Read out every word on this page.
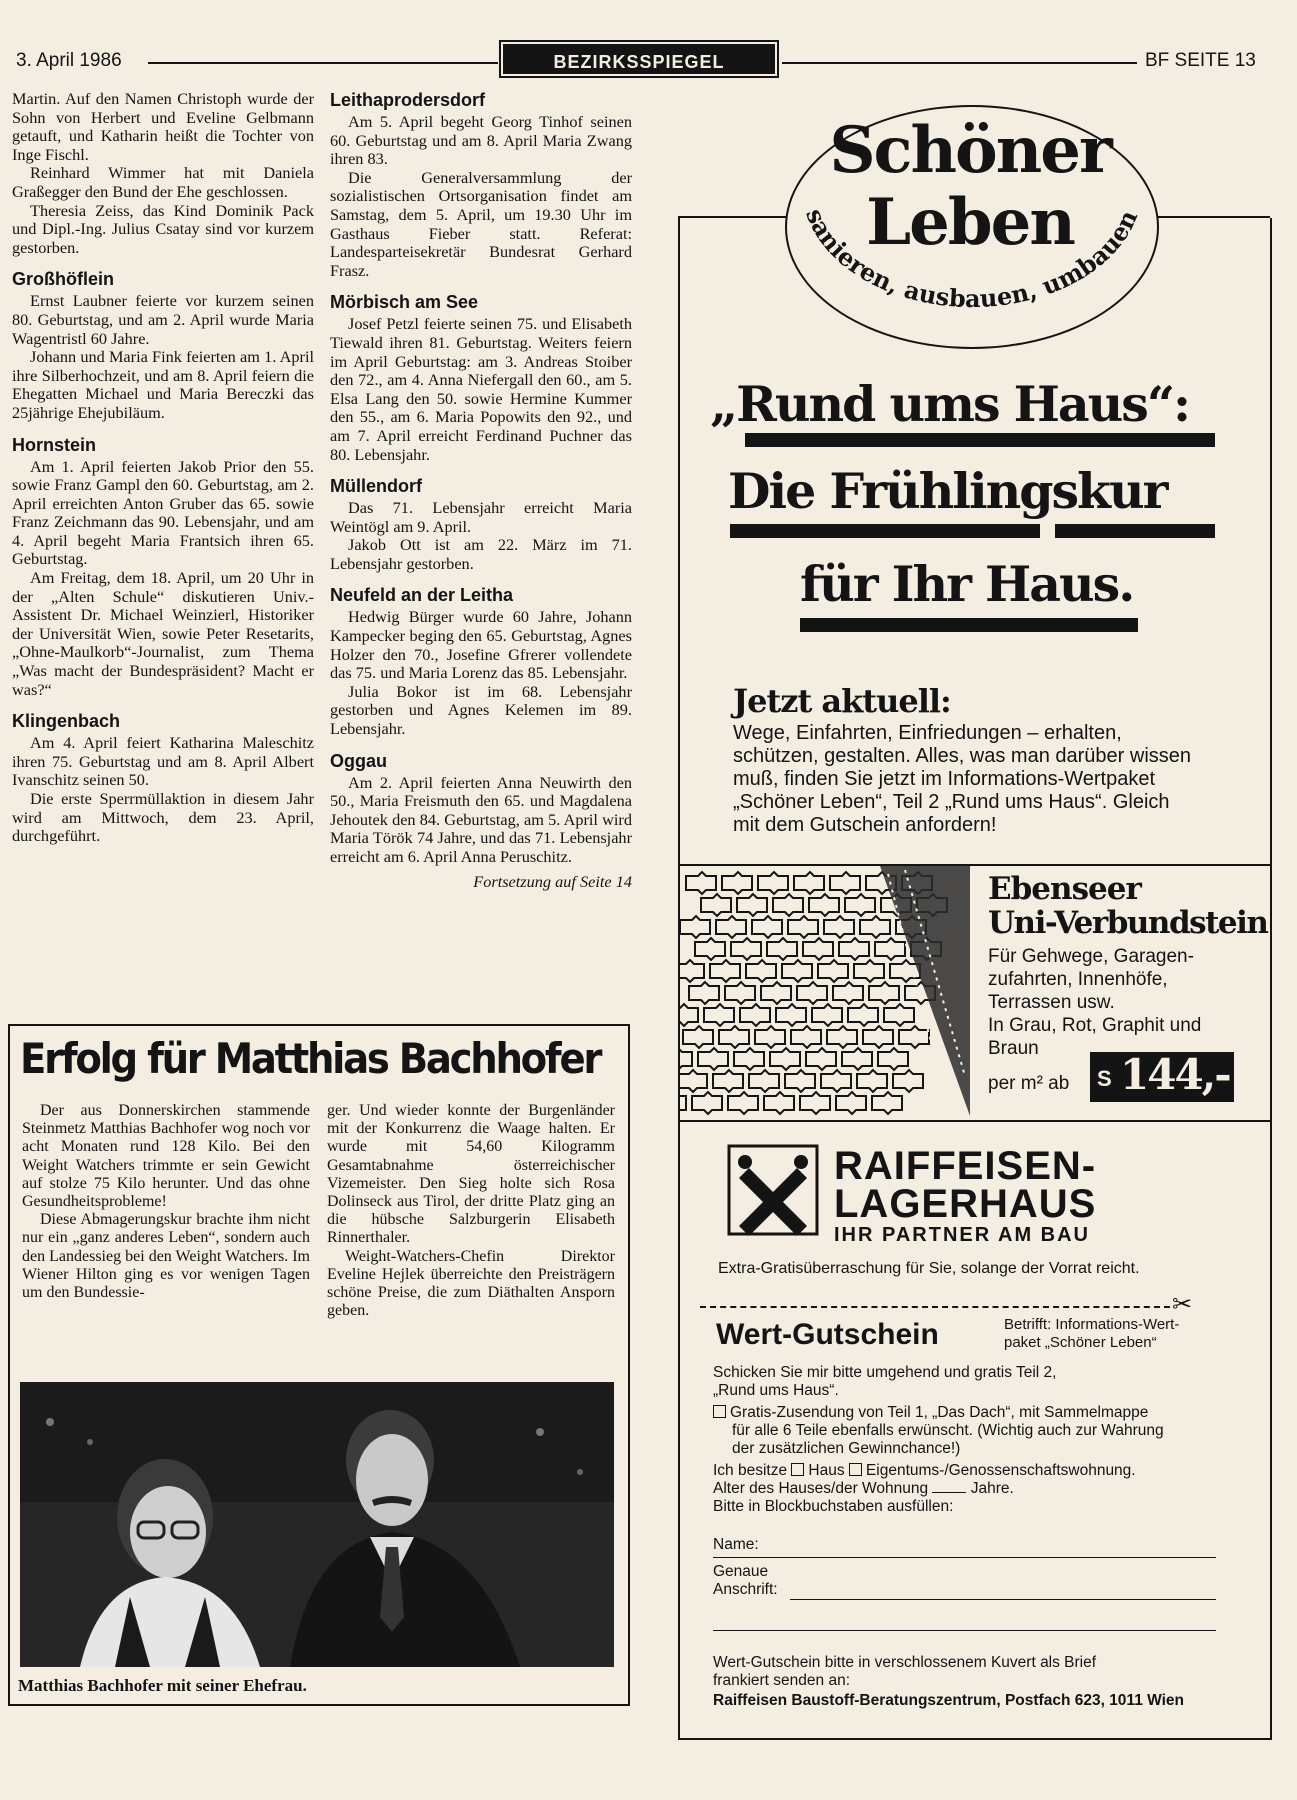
3. April 1986	BEZIRKSSPIEGEL	BF SEITE 13

Martin. Auf den Namen Christoph wurde der Sohn von Herbert und Eveline Gelbmann getauft, und Katharin heißt die Tochter von Inge Fischl.

Reinhard Wimmer hat mit Daniela Graßegger den Bund der Ehe geschlossen.

Theresia Zeiss, das Kind Dominik Pack und Dipl.-Ing. Julius Csatay sind vor kurzem gestorben.

Großhöflein

Ernst Laubner feierte vor kurzem seinen 80. Geburtstag, und am 2. April wurde Maria Wagentristl 60 Jahre.

Johann und Maria Fink feierten am 1. April ihre Silberhochzeit, und am 8. April feiern die Ehegatten Michael und Maria Bereczki das 25jährige Ehejubiläum.

Hornstein

Am 1. April feierten Jakob Prior den 55. sowie Franz Gampl den 60. Geburtstag, am 2. April erreichten Anton Gruber das 65. sowie Franz Zeichmann das 90. Lebensjahr, und am 4. April begeht Maria Frantsich ihren 65. Geburtstag.

Am Freitag, dem 18. April, um 20 Uhr in der „Alten Schule“ diskutieren Univ.-Assistent Dr. Michael Weinzierl, Historiker der Universität Wien, sowie Peter Resetarits, „Ohne-Maulkorb“-Journalist, zum Thema „Was macht der Bundespräsident? Macht er was?“

Klingenbach

Am 4. April feiert Katharina Maleschitz ihren 75. Geburtstag und am 8. April Albert Ivanschitz seinen 50.

Die erste Sperrmüllaktion in diesem Jahr wird am Mittwoch, dem 23. April, durchgeführt.

Leithaprodersdorf

Am 5. April begeht Georg Tinhof seinen 60. Geburtstag und am 8. April Maria Zwang ihren 83.

Die Generalversammlung der sozialistischen Ortsorganisation findet am Samstag, dem 5. April, um 19.30 Uhr im Gasthaus Fieber statt. Referat: Landesparteisekretär Bundesrat Gerhard Frasz.

Mörbisch am See

Josef Petzl feierte seinen 75. und Elisabeth Tiewald ihren 81. Geburtstag. Weiters feiern im April Geburtstag: am 3. Andreas Stoiber den 72., am 4. Anna Niefergall den 60., am 5. Elsa Lang den 50. sowie Hermine Kummer den 55., am 6. Maria Popowits den 92., und am 7. April erreicht Ferdinand Puchner das 80. Lebensjahr.

Müllendorf

Das 71. Lebensjahr erreicht Maria Weintögl am 9. April.

Jakob Ott ist am 22. März im 71. Lebensjahr gestorben.

Neufeld an der Leitha

Hedwig Bürger wurde 60 Jahre, Johann Kampecker beging den 65. Geburtstag, Agnes Holzer den 70., Josefine Gfrerer vollendete das 75. und Maria Lorenz das 85. Lebensjahr.

Julia Bokor ist im 68. Lebensjahr gestorben und Agnes Kelemen im 89. Lebensjahr.

Oggau

Am 2. April feierten Anna Neuwirth den 50., Maria Freismuth den 65. und Magdalena Jehoutek den 84. Geburtstag, am 5. April wird Maria Török 74 Jahre, und das 71. Lebensjahr erreicht am 6. April Anna Peruschitz.

Fortsetzung auf Seite 14
Erfolg für Matthias Bachhofer

Der aus Donnerskirchen stammende Steinmetz Matthias Bachhofer wog noch vor acht Monaten rund 128 Kilo. Bei den Weight Watchers trimmte er sein Gewicht auf stolze 75 Kilo herunter. Und das ohne Gesundheitsprobleme!

Diese Abmagerungskur brachte ihm nicht nur ein „ganz anderes Leben“, sondern auch den Landessieg bei den Weight Watchers. Im Wiener Hilton ging es vor wenigen Tagen um den Bundessie-

ger. Und wieder konnte der Burgenländer mit der Konkurrenz die Waage halten. Er wurde mit 54,60 Kilogramm Gesamtabnahme österreichischer Vizemeister. Den Sieg holte sich Rosa Dolinseck aus Tirol, der dritte Platz ging an die hübsche Salzburgerin Elisabeth Rinnerthaler.

Weight-Watchers-Chefin Direktor Eveline Hejlek überreichte den Preisträgern schöne Preise, die zum Diäthalten Ansporn geben.

Matthias Bachhofer mit seiner Ehefrau.
Schöner
Leben
sanieren, ausbauen, umbauen
„Rund ums Haus“:
Die Frühlingskur
für Ihr Haus.
Jetzt aktuell:
Wege, Einfahrten, Einfriedungen – erhalten, schützen, gestalten. Alles, was man darüber wissen muß, finden Sie jetzt im Informations-Wertpaket „Schöner Leben“, Teil 2 „Rund ums Haus“. Gleich mit dem Gutschein anfordern!
Ebenseer
Uni-Verbundstein
Für Gehwege, Garagen-
zufahrten, Innenhöfe,
Terrassen usw.
In Grau, Rot, Graphit und
Braun
per m² ab S 144,-
RAIFFEISEN-
LAGERHAUS
IHR PARTNER AM BAU
Extra-Gratisüberraschung für Sie, solange der Vorrat reicht.
✂
Wert-Gutschein	Betrifft: Informations-Wert-
paket „Schöner Leben“

Schicken Sie mir bitte umgehend und gratis Teil 2,

„Rund ums Haus“.

Gratis-Zusendung von Teil 1, „Das Dach“, mit Sammelmappe

für alle 6 Teile ebenfalls erwünscht. (Wichtig auch zur Wahrung

der zusätzlichen Gewinnchance!)

Ich besitze Haus Eigentums-/Genossenschaftswohnung.

Alter des Hauses/der Wohnung	Jahre.

Bitte in Blockbuchstaben ausfüllen:

Name:
Genaue
Anschrift:
Wert-Gutschein bitte in verschlossenem Kuvert als Brief
frankiert senden an:
Raiffeisen Baustoff-Beratungszentrum, Postfach 623, 1011 Wien
